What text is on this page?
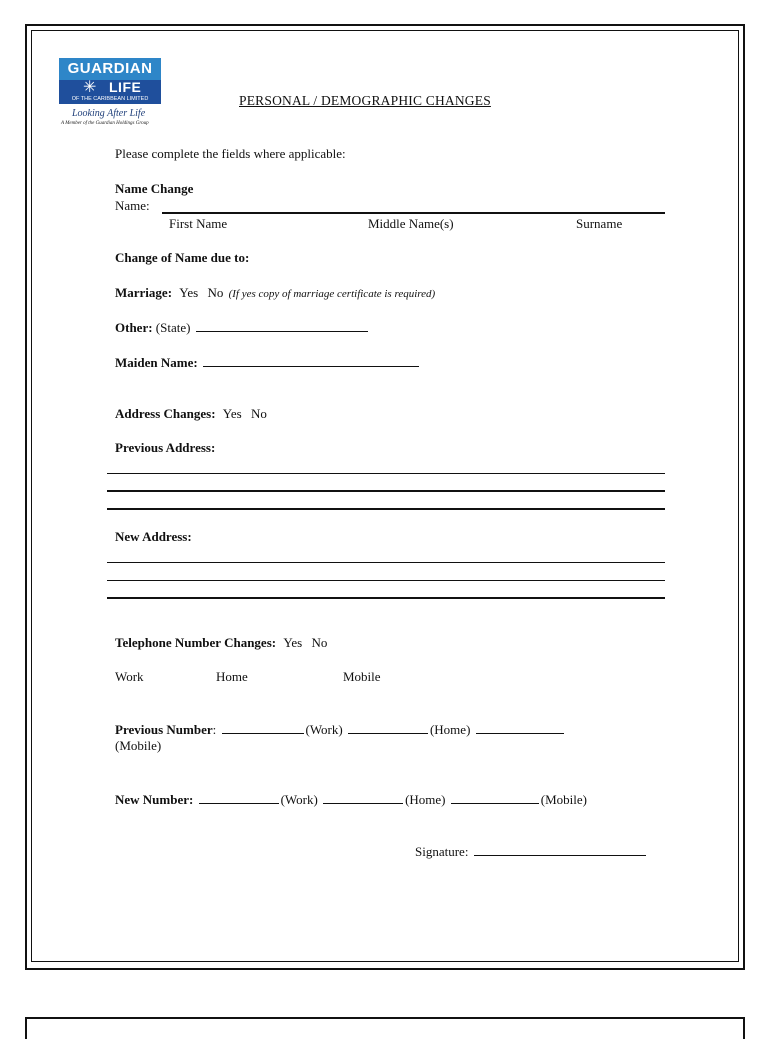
GUARDIAN
✳ LIFE
OF THE CARIBBEAN LIMITED
Looking After Life
A Member of the Guardian Holdings Group
PERSONAL / DEMOGRAPHIC CHANGES
Please complete the fields where applicable:
Name Change
Name:
First Name	Middle Name(s)	Surname
Change of Name due to:
Marriage: Yes No (If yes copy of marriage certificate is required)
Other: (State)
Maiden Name:
Address Changes: Yes No
Previous Address:
New Address:
Telephone Number Changes: Yes No
Work	Home	Mobile
Previous Number:	(Work)	(Home)
(Mobile)
New Number:	(Work)	(Home)	(Mobile)
Signature:
